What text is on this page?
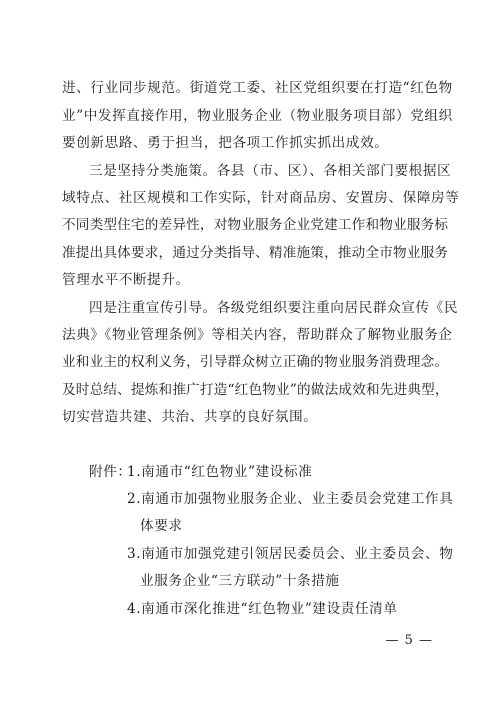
进、行业同步规范。街道党工委、社区党组织要在打造“红色物
业”中发挥直接作用，物业服务企业（物业服务项目部）党组织
要创新思路、勇于担当，把各项工作抓实抓出成效。
三是坚持分类施策。各县（市、区）、各相关部门要根据区
域特点、社区规模和工作实际，针对商品房、安置房、保障房等
不同类型住宅的差异性，对物业服务企业党建工作和物业服务标
准提出具体要求，通过分类指导、精准施策，推动全市物业服务
管理水平不断提升。
四是注重宣传引导。各级党组织要注重向居民群众宣传《民
法典》《物业管理条例》等相关内容，帮助群众了解物业服务企
业和业主的权利义务，引导群众树立正确的物业服务消费理念。
及时总结、提炼和推广打造“红色物业”的做法成效和先进典型，
切实营造共建、共治、共享的良好氛围。
附件：
1.南通市“红色物业”建设标准
2.南通市加强物业服务企业、业主委员会党建工作具
体要求
3.南通市加强党建引领居民委员会、业主委员会、物
业服务企业“三方联动”十条措施
4.南通市深化推进“红色物业”建设责任清单
— 5 —
